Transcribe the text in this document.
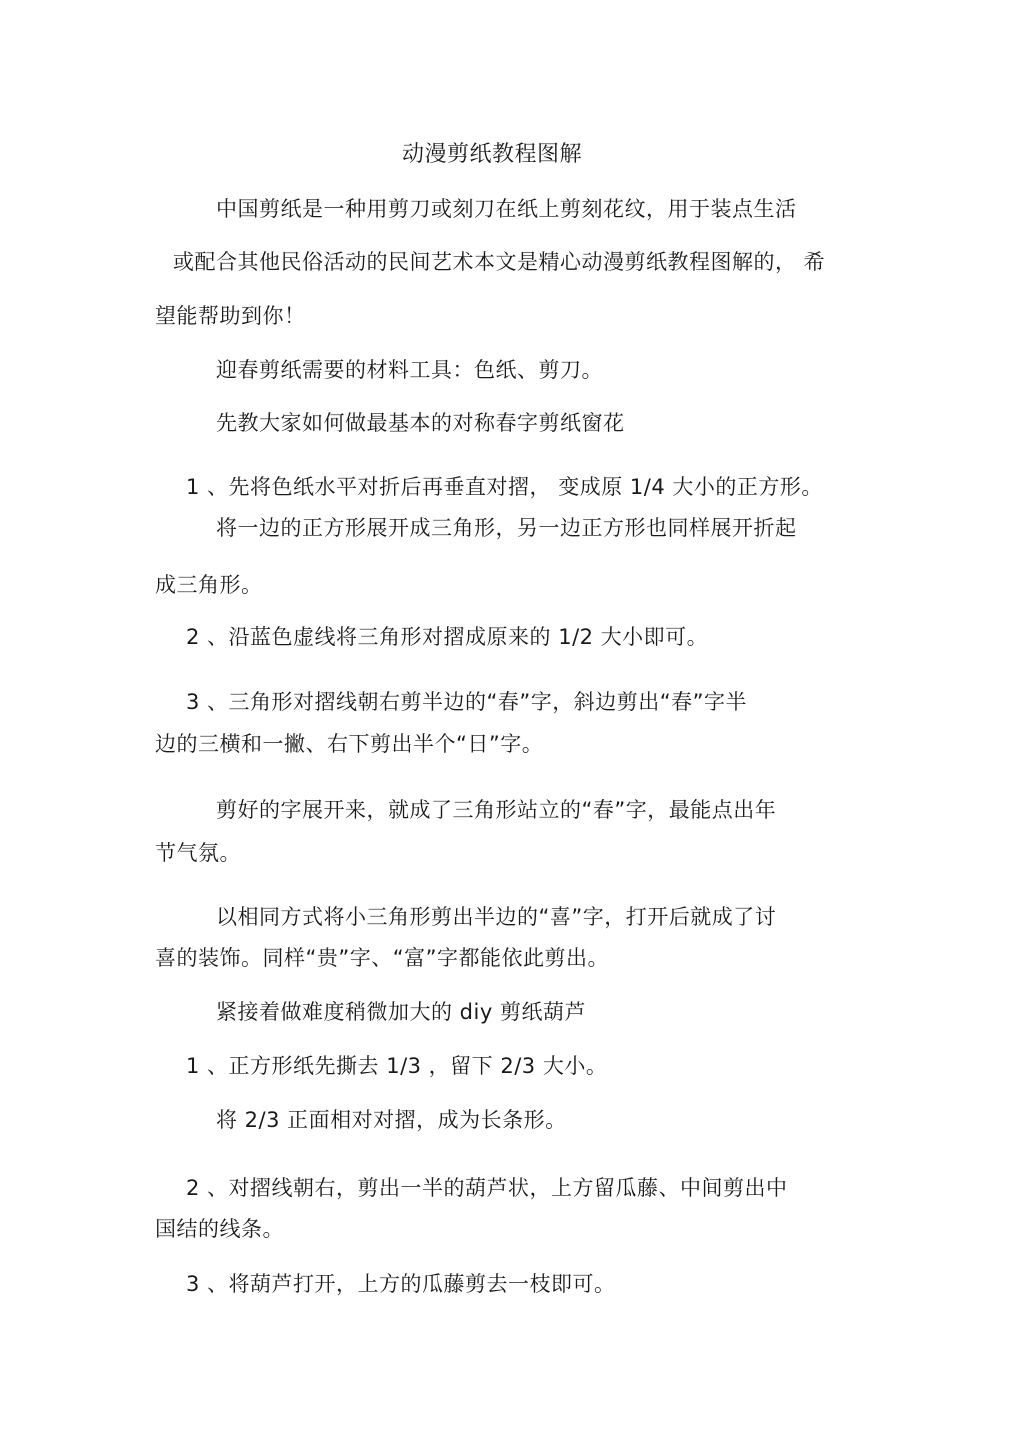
动漫剪纸教程图解
中国剪纸是一种用剪刀或刻刀在纸上剪刻花纹，用于装点生活
或配合其他民俗活动的民间艺术本文是精心动漫剪纸教程图解的， 希
望能帮助到你！
迎春剪纸需要的材料工具：色纸、剪刀。
先教大家如何做最基本的对称春字剪纸窗花
1 、先将色纸水平对折后再垂直对摺， 变成原 1/4 大小的正方形。
将一边的正方形展开成三角形，另一边正方形也同样展开折起
成三角形。
2 、沿蓝色虚线将三角形对摺成原来的 1/2 大小即可。
3 、三角形对摺线朝右剪半边的“春”字，斜边剪出“春”字半
边的三横和一撇、右下剪出半个“日”字。
剪好的字展开来，就成了三角形站立的“春”字，最能点出年
节气氛。
以相同方式将小三角形剪出半边的“喜”字，打开后就成了讨
喜的装饰。同样“贵”字、“富”字都能依此剪出。
紧接着做难度稍微加大的 diy 剪纸葫芦
1 、正方形纸先撕去 1/3 ，留下 2/3 大小。
将 2/3 正面相对对摺，成为长条形。
2 、对摺线朝右，剪出一半的葫芦状，上方留瓜藤、中间剪出中
国结的线条。
3 、将葫芦打开，上方的瓜藤剪去一枝即可。
